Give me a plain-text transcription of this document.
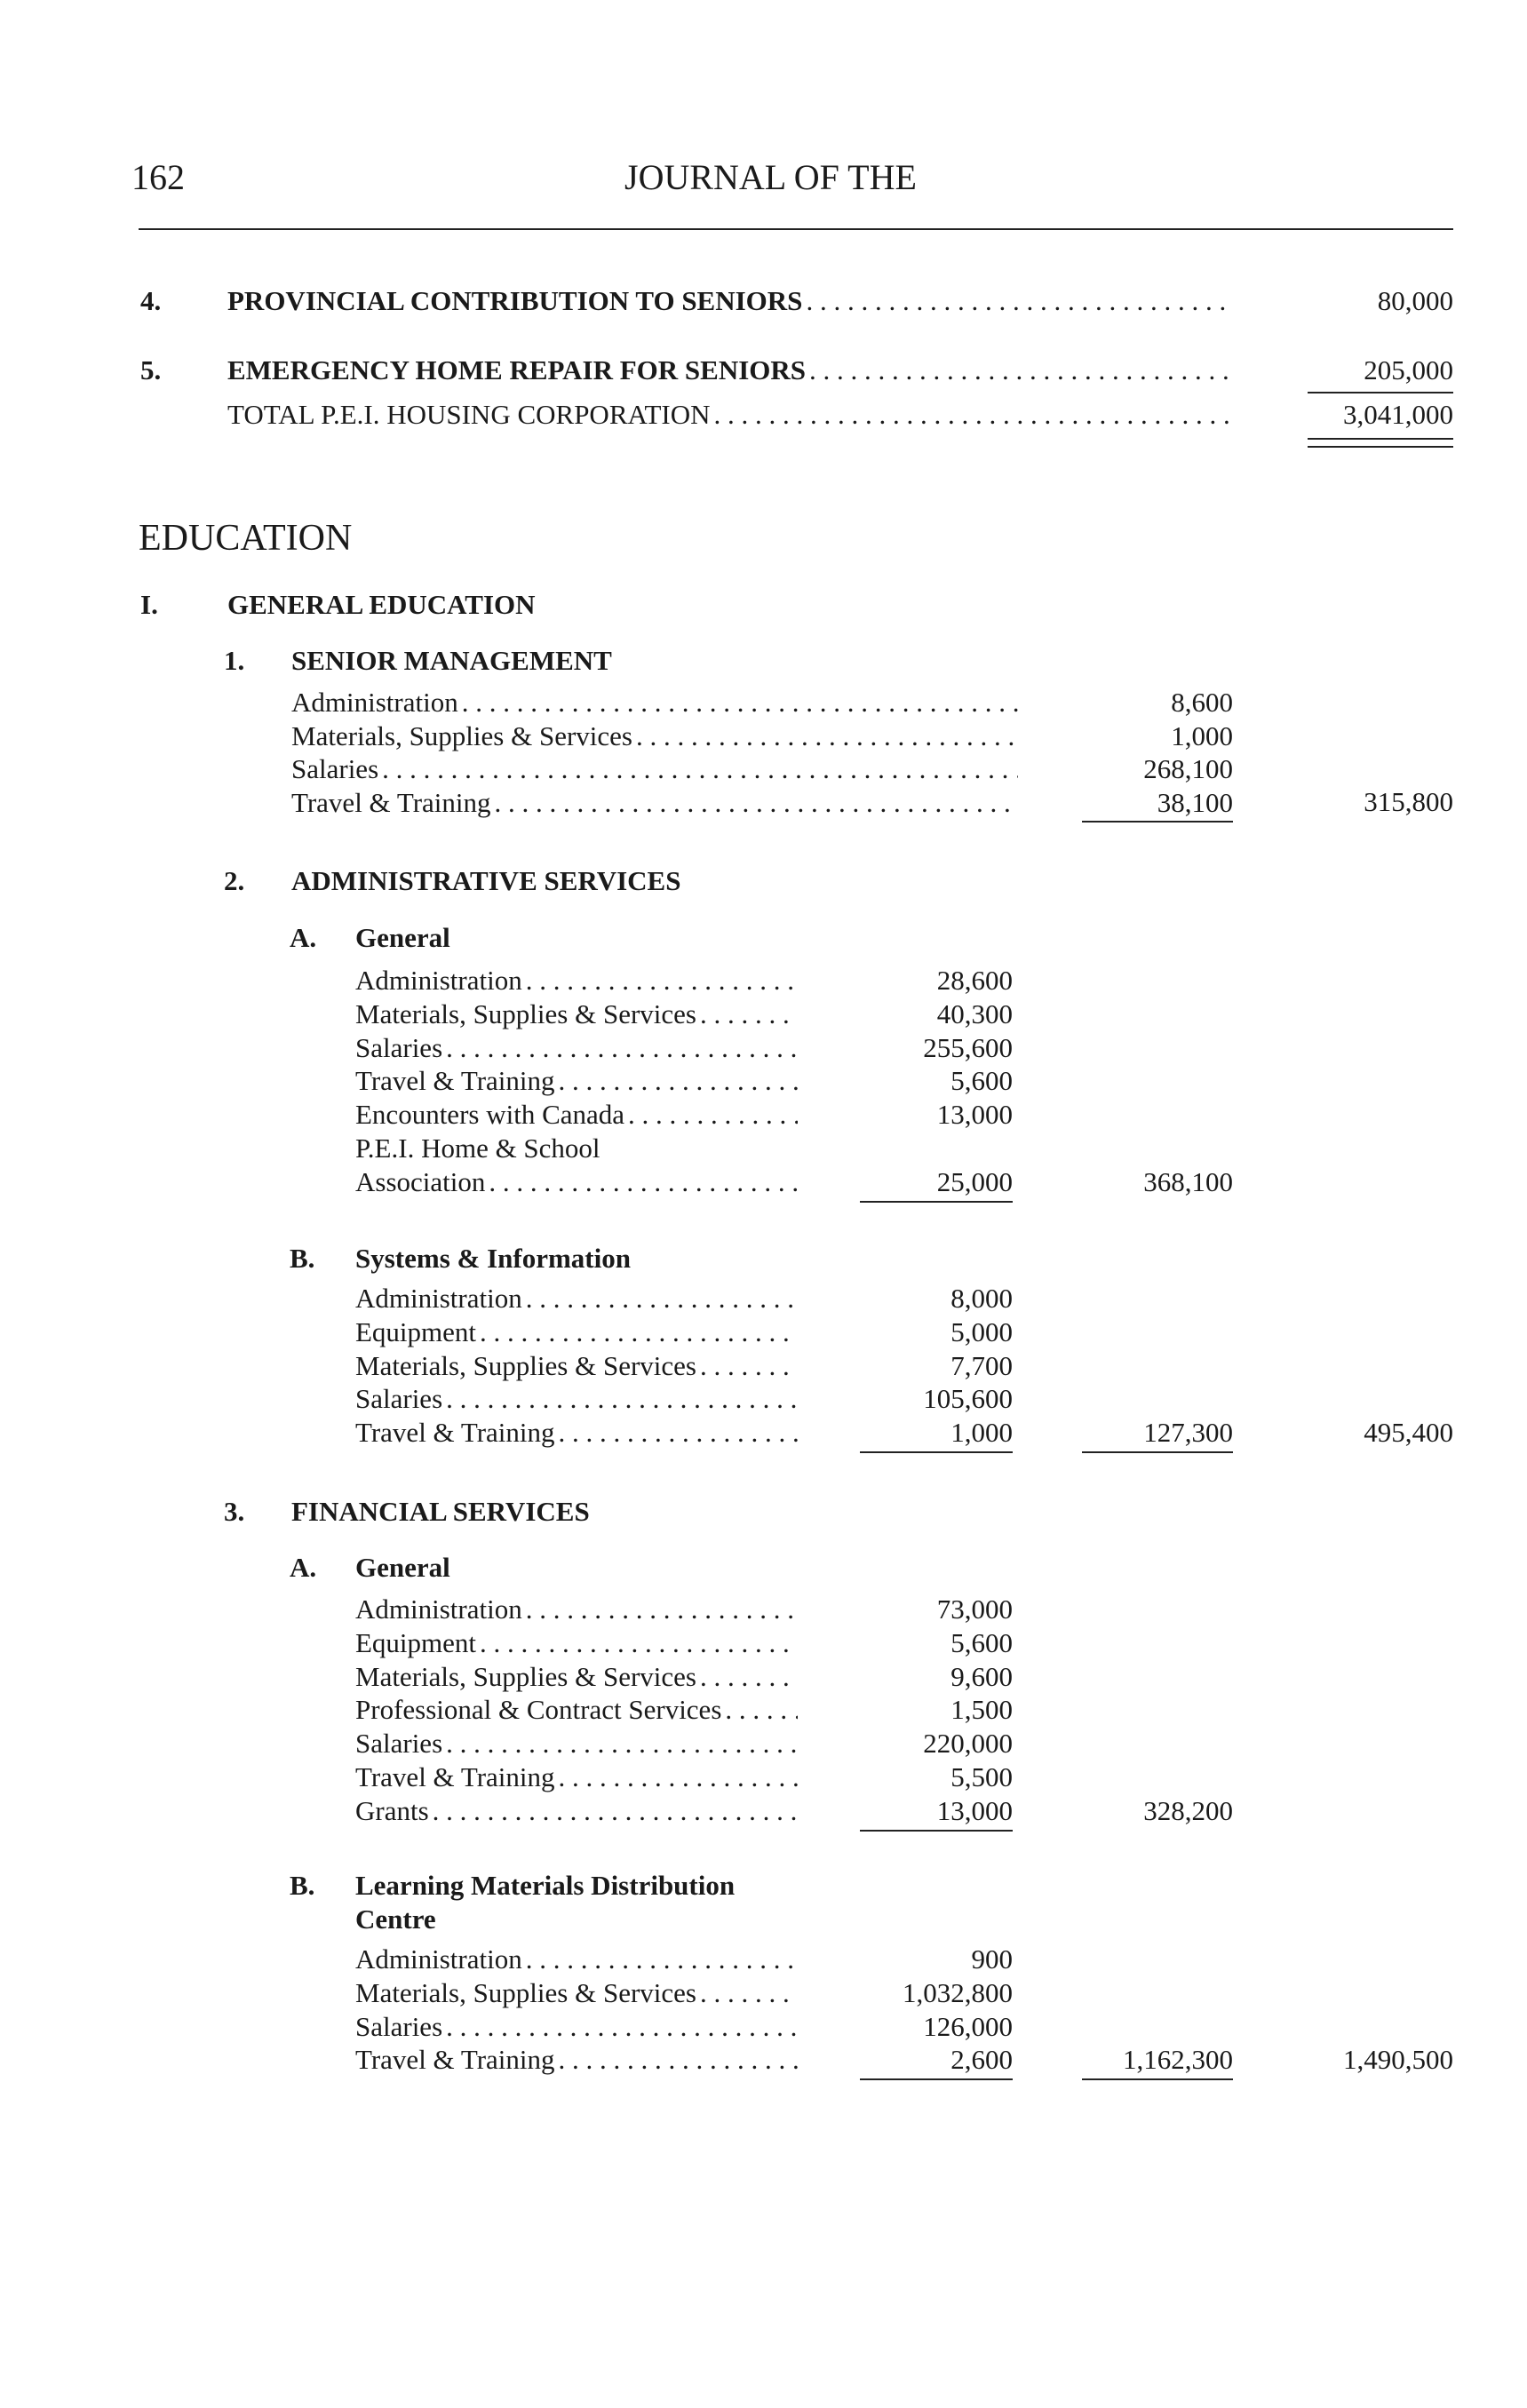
162	JOURNAL OF THE
4. PROVINCIAL CONTRIBUTION TO SENIORS . . .	80,000
5. EMERGENCY HOME REPAIR FOR SENIORS . . .	205,000
TOTAL P.E.I. HOUSING CORPORATION . . .	3,041,000
EDUCATION
I.	GENERAL EDUCATION
1. SENIOR MANAGEMENT
Administration . . .	8,600
Materials, Supplies & Services . . .	1,000
Salaries . . .	268,100
Travel & Training . . .	38,100	315,800
2. ADMINISTRATIVE SERVICES
A. General
Administration . . .	28,600
Materials, Supplies & Services . . .	40,300
Salaries . . .	255,600
Travel & Training . . .	5,600
Encounters with Canada . . .	13,000
P.E.I. Home & School
Association . . .	25,000	368,100
B. Systems & Information
Administration . . .	8,000
Equipment . . .	5,000
Materials, Supplies & Services . . .	7,700
Salaries . . .	105,600
Travel & Training . . .	1,000	127,300	495,400
3. FINANCIAL SERVICES
A. General
Administration . . .	73,000
Equipment . . .	5,600
Materials, Supplies & Services . . .	9,600
Professional & Contract Services . . .	1,500
Salaries . . .	220,000
Travel & Training . . .	5,500
Grants . . .	13,000	328,200
B. Learning Materials Distribution
Centre
Administration . . .	900
Materials, Supplies & Services . . .	1,032,800
Salaries . . .	126,000
Travel & Training . . .	2,600	1,162,300	1,490,500
